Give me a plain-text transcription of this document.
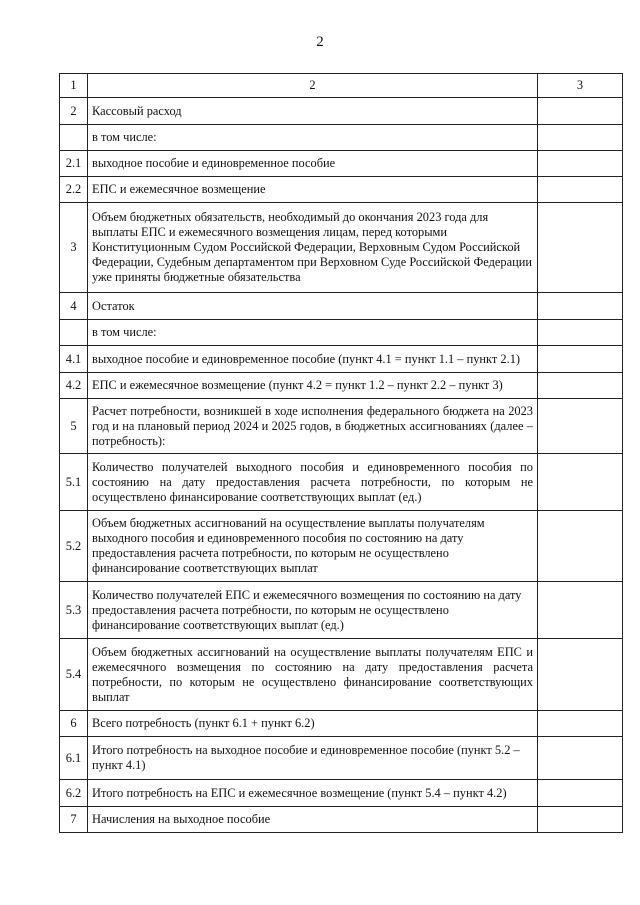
2
1	2	3
2	Кассовый расход	
	в том числе:	
2.1	выходное пособие и единовременное пособие	
2.2	ЕПС и ежемесячное возмещение	
3	Объем бюджетных обязательств, необходимый до окончания 2023 года для выплаты ЕПС и ежемесячного возмещения лицам, перед которыми Конституционным Судом Российской Федерации, Верховным Судом Российской Федерации, Судебным департаментом при Верховном Суде Российской Федерации уже приняты бюджетные обязательства	
4	Остаток	
	в том числе:	
4.1	выходное пособие и единовременное пособие (пункт 4.1 = пункт 1.1 – пункт 2.1)	
4.2	ЕПС и ежемесячное возмещение (пункт 4.2 = пункт 1.2 – пункт 2.2 – пункт 3)	
5	Расчет потребности, возникшей в ходе исполнения федерального бюджета на 2023 год и на плановый период 2024 и 2025 годов, в бюджетных ассигнованиях (далее – потребность):	
5.1	Количество получателей выходного пособия и единовременного пособия по состоянию на дату предоставления расчета потребности, по которым не осуществлено финансирование соответствующих выплат (ед.)	
5.2	Объем бюджетных ассигнований на осуществление выплаты получателям выходного пособия и единовременного пособия по состоянию на дату предоставления расчета потребности, по которым не осуществлено финансирование соответствующих выплат	
5.3	Количество получателей ЕПС и ежемесячного возмещения по состоянию на дату предоставления расчета потребности, по которым не осуществлено финансирование соответствующих выплат (ед.)	
5.4	Объем бюджетных ассигнований на осуществление выплаты получателям ЕПС и ежемесячного возмещения по состоянию на дату предоставления расчета потребности, по которым не осуществлено финансирование соответствующих выплат	
6	Всего потребность (пункт 6.1 + пункт 6.2)	
6.1	Итого потребность на выходное пособие и единовременное пособие (пункт 5.2 – пункт 4.1)	
6.2	Итого потребность на ЕПС и ежемесячное возмещение (пункт 5.4 – пункт 4.2)	
7	Начисления на выходное пособие	
